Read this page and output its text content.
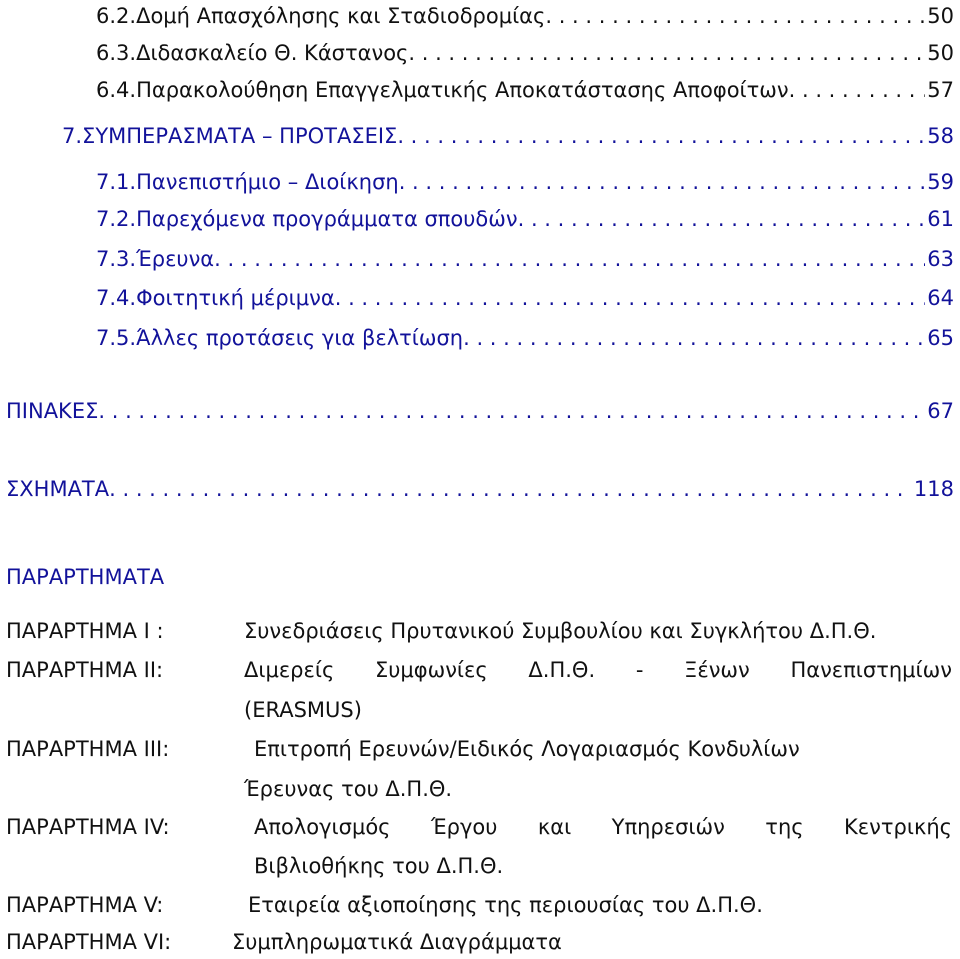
6.2. Δομή Απασχόλησης και Σταδιοδρομίας . . .	50
6.3. Διδασκαλείο Θ. Κάστανος . . .	50
6.4. Παρακολούθηση Επαγγελματικής Αποκατάστασης Αποφοίτων . . .	57
7. ΣΥΜΠΕΡΑΣΜΑΤΑ – ΠΡΟΤΑΣΕΙΣ . . .	58
7.1. Πανεπιστήμιο – Διοίκηση . . .	59
7.2. Παρεχόμενα προγράμματα σπουδών . . .	61
7.3. Έρευνα . . .	63
7.4. Φοιτητική μέριμνα . . .	64
7.5. Άλλες προτάσεις για βελτίωση . . .	65
ΠΙΝΑΚΕΣ . . .	67
ΣΧΗΜΑΤΑ . . .	118
ΠΑΡΑΡΤΗΜΑΤΑ
ΠΑΡΑΡΤΗΜΑ Ι :	Συνεδριάσεις Πρυτανικού Συμβουλίου και Συγκλήτου Δ.Π.Θ.
ΠΑΡΑΡΤΗΜΑ ΙΙ:	Διμερείς Συμφωνίες Δ.Π.Θ. - Ξένων Πανεπιστημίων
(ERASMUS)
ΠΑΡΑΡΤΗΜΑ ΙΙΙ:	Επιτροπή Ερευνών/Ειδικός Λογαριασμός Κονδυλίων
Έρευνας του Δ.Π.Θ.
ΠΑΡΑΡΤΗΜΑ ΙV:	Απολογισμός Έργου και Υπηρεσιών της Κεντρικής
Βιβλιοθήκης του Δ.Π.Θ.
ΠΑΡΑΡΤΗΜΑ V:	Εταιρεία αξιοποίησης της περιουσίας του Δ.Π.Θ.
ΠΑΡΑΡΤΗΜΑ VΙ:	Συμπληρωματικά Διαγράμματα
